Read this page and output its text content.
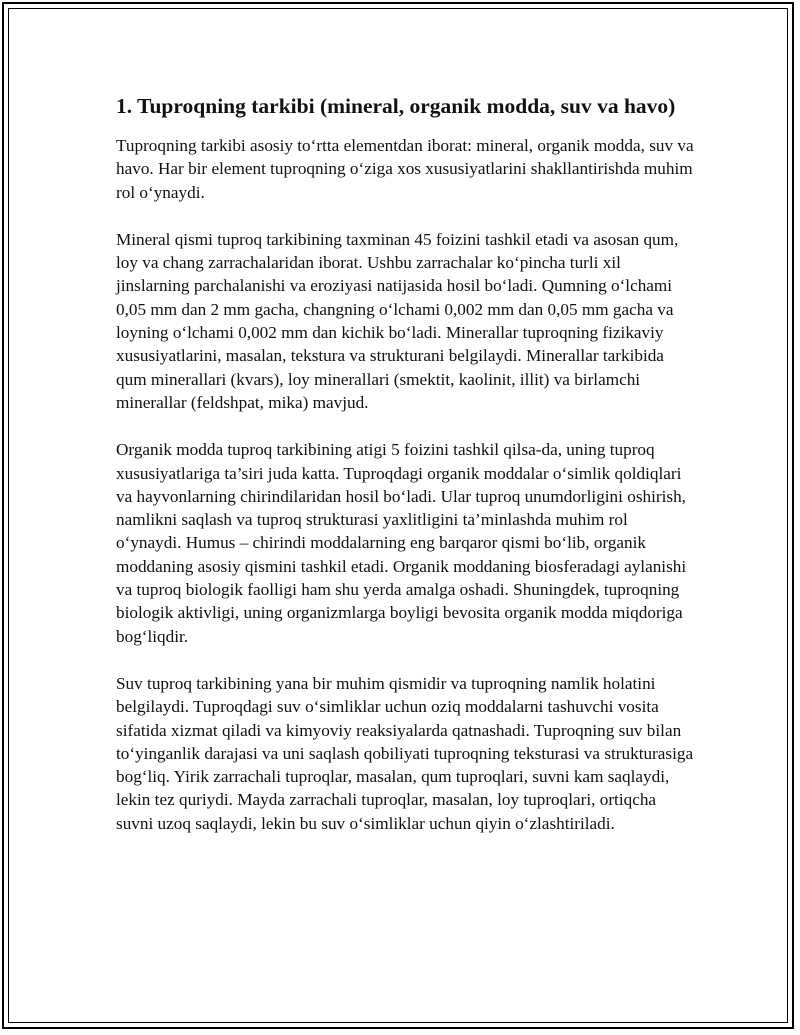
1. Tuproqning tarkibi (mineral, organik modda, suv va havo)

Tuproqning tarkibi asosiy to‘rtta elementdan iborat: mineral, organik modda, suv va havo. Har bir element tuproqning o‘ziga xos xususiyatlarini shakllantirishda muhim rol o‘ynaydi.

Mineral qismi tuproq tarkibining taxminan 45 foizini tashkil etadi va asosan qum, loy va chang zarrachalaridan iborat. Ushbu zarrachalar ko‘pincha turli xil jinslarning parchalanishi va eroziyasi natijasida hosil bo‘ladi. Qumning o‘lchami 0,05 mm dan 2 mm gacha, changning o‘lchami 0,002 mm dan 0,05 mm gacha va loyning o‘lchami 0,002 mm dan kichik bo‘ladi. Minerallar tuproqning fizikaviy xususiyatlarini, masalan, tekstura va strukturani belgilaydi. Minerallar tarkibida qum minerallari (kvars), loy minerallari (smektit, kaolinit, illit) va birlamchi minerallar (feldshpat, mika) mavjud.

Organik modda tuproq tarkibining atigi 5 foizini tashkil qilsa-da, uning tuproq xususiyatlariga ta’siri juda katta. Tuproqdagi organik moddalar o‘simlik qoldiqlari va hayvonlarning chirindilaridan hosil bo‘ladi. Ular tuproq unumdorligini oshirish, namlikni saqlash va tuproq strukturasi yaxlitligini ta’minlashda muhim rol o‘ynaydi. Humus – chirindi moddalarning eng barqaror qismi bo‘lib, organik moddaning asosiy qismini tashkil etadi. Organik moddaning biosferadagi aylanishi va tuproq biologik faolligi ham shu yerda amalga oshadi. Shuningdek, tuproqning biologik aktivligi, uning organizmlarga boyligi bevosita organik modda miqdoriga bog‘liqdir.

Suv tuproq tarkibining yana bir muhim qismidir va tuproqning namlik holatini belgilaydi. Tuproqdagi suv o‘simliklar uchun oziq moddalarni tashuvchi vosita sifatida xizmat qiladi va kimyoviy reaksiyalarda qatnashadi. Tuproqning suv bilan to‘yinganlik darajasi va uni saqlash qobiliyati tuproqning teksturasi va strukturasiga bog‘liq. Yirik zarrachali tuproqlar, masalan, qum tuproqlari, suvni kam saqlaydi, lekin tez quriydi. Mayda zarrachali tuproqlar, masalan, loy tuproqlari, ortiqcha suvni uzoq saqlaydi, lekin bu suv o‘simliklar uchun qiyin o‘zlashtiriladi.
